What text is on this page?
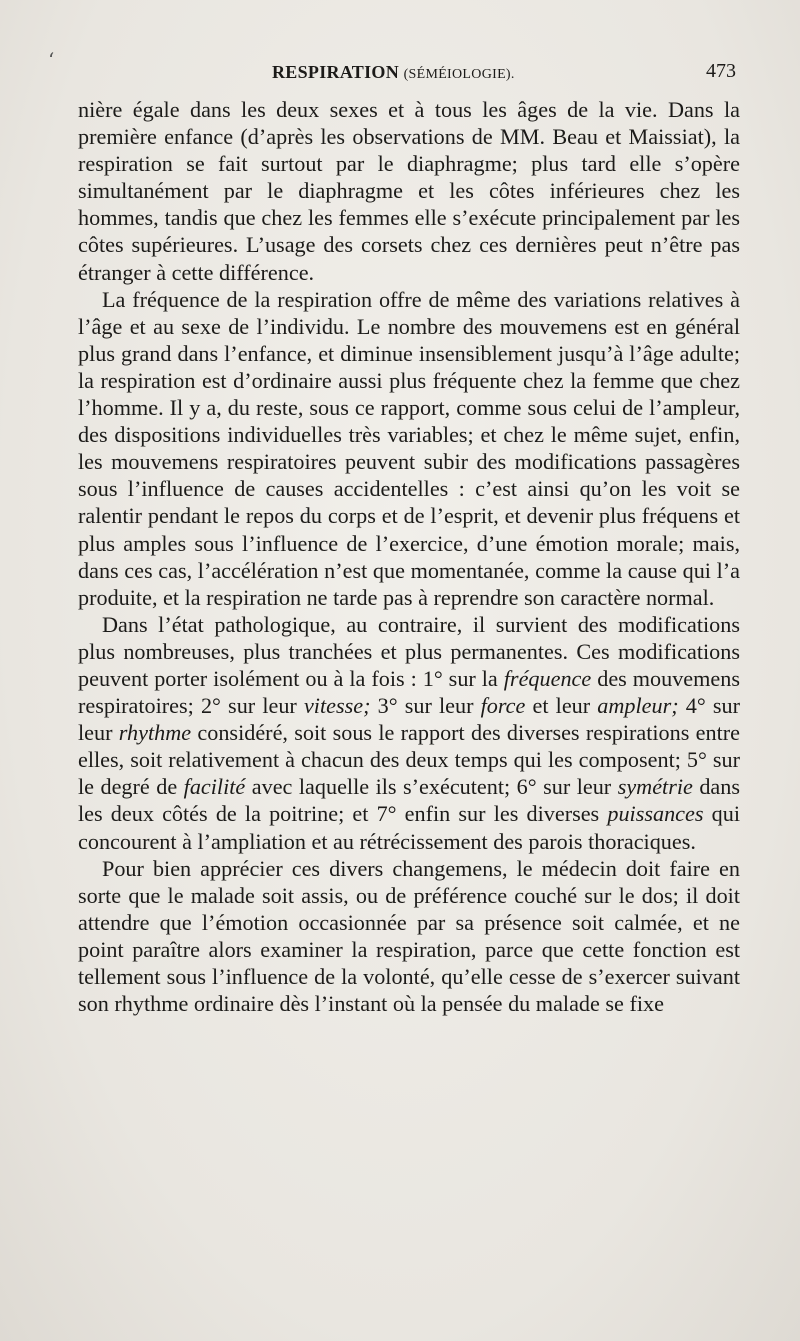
RESPIRATION (SÉMÉIOLOGIE).	473

nière égale dans les deux sexes et à tous les âges de la vie. Dans la première enfance (d’après les observations de MM. Beau et Maissiat), la respiration se fait surtout par le diaphragme; plus tard elle s’opère simultanément par le diaphragme et les côtes inférieures chez les hommes, tandis que chez les femmes elle s’exécute principalement par les côtes supérieures. L’usage des corsets chez ces dernières peut n’être pas étranger à cette différence.

La fréquence de la respiration offre de même des variations relatives à l’âge et au sexe de l’individu. Le nombre des mouvemens est en général plus grand dans l’enfance, et diminue insensiblement jusqu’à l’âge adulte; la respiration est d’ordinaire aussi plus fréquente chez la femme que chez l’homme. Il y a, du reste, sous ce rapport, comme sous celui de l’ampleur, des dispositions individuelles très variables; et chez le même sujet, enfin, les mouvemens respiratoires peuvent subir des modifications passagères sous l’influence de causes accidentelles : c’est ainsi qu’on les voit se ralentir pendant le repos du corps et de l’esprit, et devenir plus fréquens et plus amples sous l’influence de l’exercice, d’une émotion morale; mais, dans ces cas, l’accélération n’est que momentanée, comme la cause qui l’a produite, et la respiration ne tarde pas à reprendre son caractère normal.

Dans l’état pathologique, au contraire, il survient des modifications plus nombreuses, plus tranchées et plus permanentes. Ces modifications peuvent porter isolément ou à la fois : 1° sur la fréquence des mouvemens respiratoires; 2° sur leur vitesse; 3° sur leur force et leur ampleur; 4° sur leur rhythme considéré, soit sous le rapport des diverses respirations entre elles, soit relativement à chacun des deux temps qui les composent; 5° sur le degré de facilité avec laquelle ils s’exécutent; 6° sur leur symétrie dans les deux côtés de la poitrine; et 7° enfin sur les diverses puissances qui concourent à l’ampliation et au rétrécissement des parois thoraciques.

Pour bien apprécier ces divers changemens, le médecin doit faire en sorte que le malade soit assis, ou de préférence couché sur le dos; il doit attendre que l’émotion occasionnée par sa présence soit calmée, et ne point paraître alors examiner la respiration, parce que cette fonction est tellement sous l’influence de la volonté, qu’elle cesse de s’exercer suivant son rhythme ordinaire dès l’instant où la pensée du malade se fixe

‘
